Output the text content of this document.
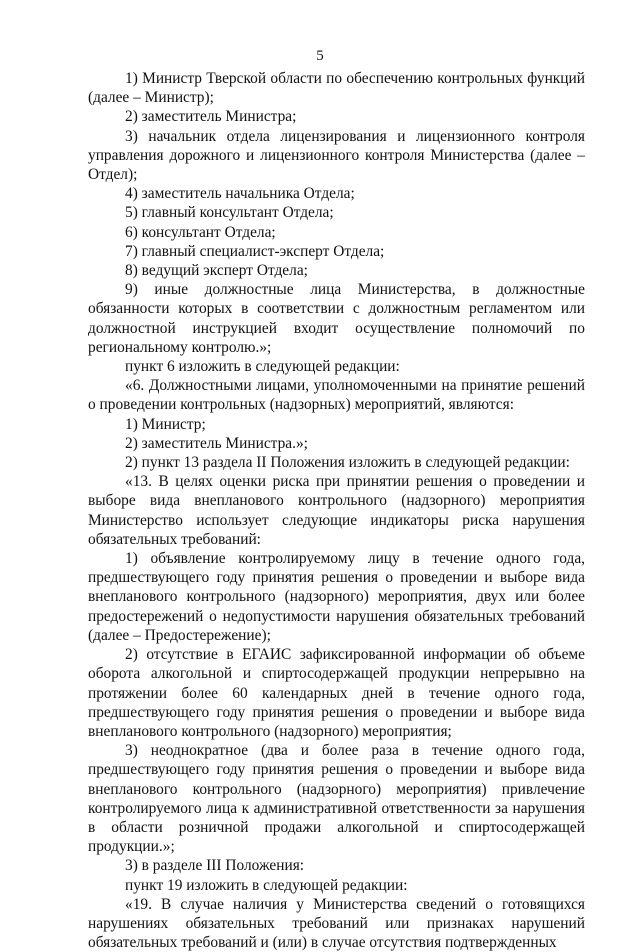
5

1) Министр Тверской области по обеспечению контрольных функций (далее – Министр);

2) заместитель Министра;

3) начальник отдела лицензирования и лицензионного контроля управления дорожного и лицензионного контроля Министерства (далее – Отдел);

4) заместитель начальника Отдела;

5) главный консультант Отдела;

6) консультант Отдела;

7) главный специалист-эксперт Отдела;

8) ведущий эксперт Отдела;

9) иные должностные лица Министерства, в должностные обязанности которых в соответствии с должностным регламентом или должностной инструкцией входит осуществление полномочий по региональному контролю.»;

пункт 6 изложить в следующей редакции:

«6. Должностными лицами, уполномоченными на принятие решений о проведении контрольных (надзорных) мероприятий, являются:

1) Министр;

2) заместитель Министра.»;

2) пункт 13 раздела II Положения изложить в следующей редакции:

«13. В целях оценки риска при принятии решения о проведении и выборе вида внепланового контрольного (надзорного) мероприятия Министерство использует следующие индикаторы риска нарушения обязательных требований:

1) объявление контролируемому лицу в течение одного года, предшествующего году принятия решения о проведении и выборе вида внепланового контрольного (надзорного) мероприятия, двух или более предостережений о недопустимости нарушения обязательных требований (далее – Предостережение);

2) отсутствие в ЕГАИС зафиксированной информации об объеме оборота алкогольной и спиртосодержащей продукции непрерывно на протяжении более 60 календарных дней в течение одного года, предшествующего году принятия решения о проведении и выборе вида внепланового контрольного (надзорного) мероприятия;

3) неоднократное (два и более раза в течение одного года, предшествующего году принятия решения о проведении и выборе вида внепланового контрольного (надзорного) мероприятия) привлечение контролируемого лица к административной ответственности за нарушения в области розничной продажи алкогольной и спиртосодержащей продукции.»;

3) в разделе III Положения:

пункт 19 изложить в следующей редакции:

«19. В случае наличия у Министерства сведений о готовящихся нарушениях обязательных требований или признаках нарушений обязательных требований и (или) в случае отсутствия подтвержденных
